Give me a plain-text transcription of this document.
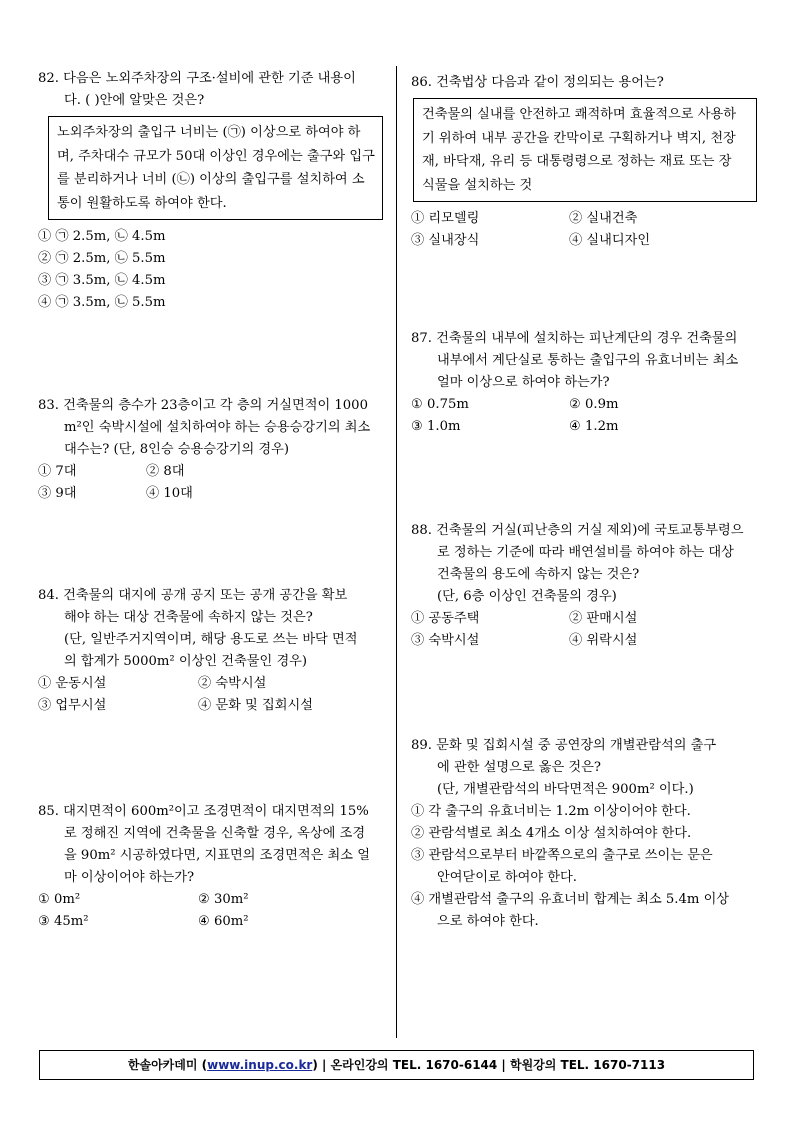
82. 다음은 노외주차장의 구조·설비에 관한 기준 내용이
다. ( )안에 알맞은 것은?
노외주차장의 출입구 너비는 (㉠) 이상으로 하여야 하
며, 주차대수 규모가 50대 이상인 경우에는 출구와 입구
를 분리하거나 너비 (㉡) 이상의 출입구를 설치하여 소
통이 원활하도록 하여야 한다.
① ㉠ 2.5m, ㉡ 4.5m
② ㉠ 2.5m, ㉡ 5.5m
③ ㉠ 3.5m, ㉡ 4.5m
④ ㉠ 3.5m, ㉡ 5.5m
83. 건축물의 층수가 23층이고 각 층의 거실면적이 1000
m²인 숙박시설에 설치하여야 하는 승용승강기의 최소
대수는? (단, 8인승 승용승강기의 경우)
① 7대	② 8대
③ 9대	④ 10대
84. 건축물의 대지에 공개 공지 또는 공개 공간을 확보
해야 하는 대상 건축물에 속하지 않는 것은?
(단, 일반주거지역이며, 해당 용도로 쓰는 바닥 면적
의 합계가 5000m² 이상인 건축물인 경우)
① 운동시설	② 숙박시설
③ 업무시설	④ 문화 및 집회시설
85. 대지면적이 600m²이고 조경면적이 대지면적의 15%
로 정해진 지역에 건축물을 신축할 경우, 옥상에 조경
을 90m² 시공하였다면, 지표면의 조경면적은 최소 얼
마 이상이어야 하는가?
① 0m²	② 30m²
③ 45m²	④ 60m²
86. 건축법상 다음과 같이 정의되는 용어는?
건축물의 실내를 안전하고 쾌적하며 효율적으로 사용하
기 위하여 내부 공간을 칸막이로 구획하거나 벽지, 천장
재, 바닥재, 유리 등 대통령령으로 정하는 재료 또는 장
식물을 설치하는 것
① 리모델링	② 실내건축
③ 실내장식	④ 실내디자인
87. 건축물의 내부에 설치하는 피난계단의 경우 건축물의
내부에서 계단실로 통하는 출입구의 유효너비는 최소
얼마 이상으로 하여야 하는가?
① 0.75m	② 0.9m
③ 1.0m	④ 1.2m
88. 건축물의 거실(피난층의 거실 제외)에 국토교통부령으
로 정하는 기준에 따라 배연설비를 하여야 하는 대상
건축물의 용도에 속하지 않는 것은?
(단, 6층 이상인 건축물의 경우)
① 공동주택	② 판매시설
③ 숙박시설	④ 위락시설
89. 문화 및 집회시설 중 공연장의 개별관람석의 출구
에 관한 설명으로 옳은 것은?
(단, 개별관람석의 바닥면적은 900m² 이다.)
① 각 출구의 유효너비는 1.2m 이상이어야 한다.
② 관람석별로 최소 4개소 이상 설치하여야 한다.
③ 관람석으로부터 바깥쪽으로의 출구로 쓰이는 문은
안여닫이로 하여야 한다.
④ 개별관람석 출구의 유효너비 합계는 최소 5.4m 이상
으로 하여야 한다.
한솔아카데미 (www.inup.co.kr) | 온라인강의 TEL. 1670-6144 | 학원강의 TEL. 1670-7113
